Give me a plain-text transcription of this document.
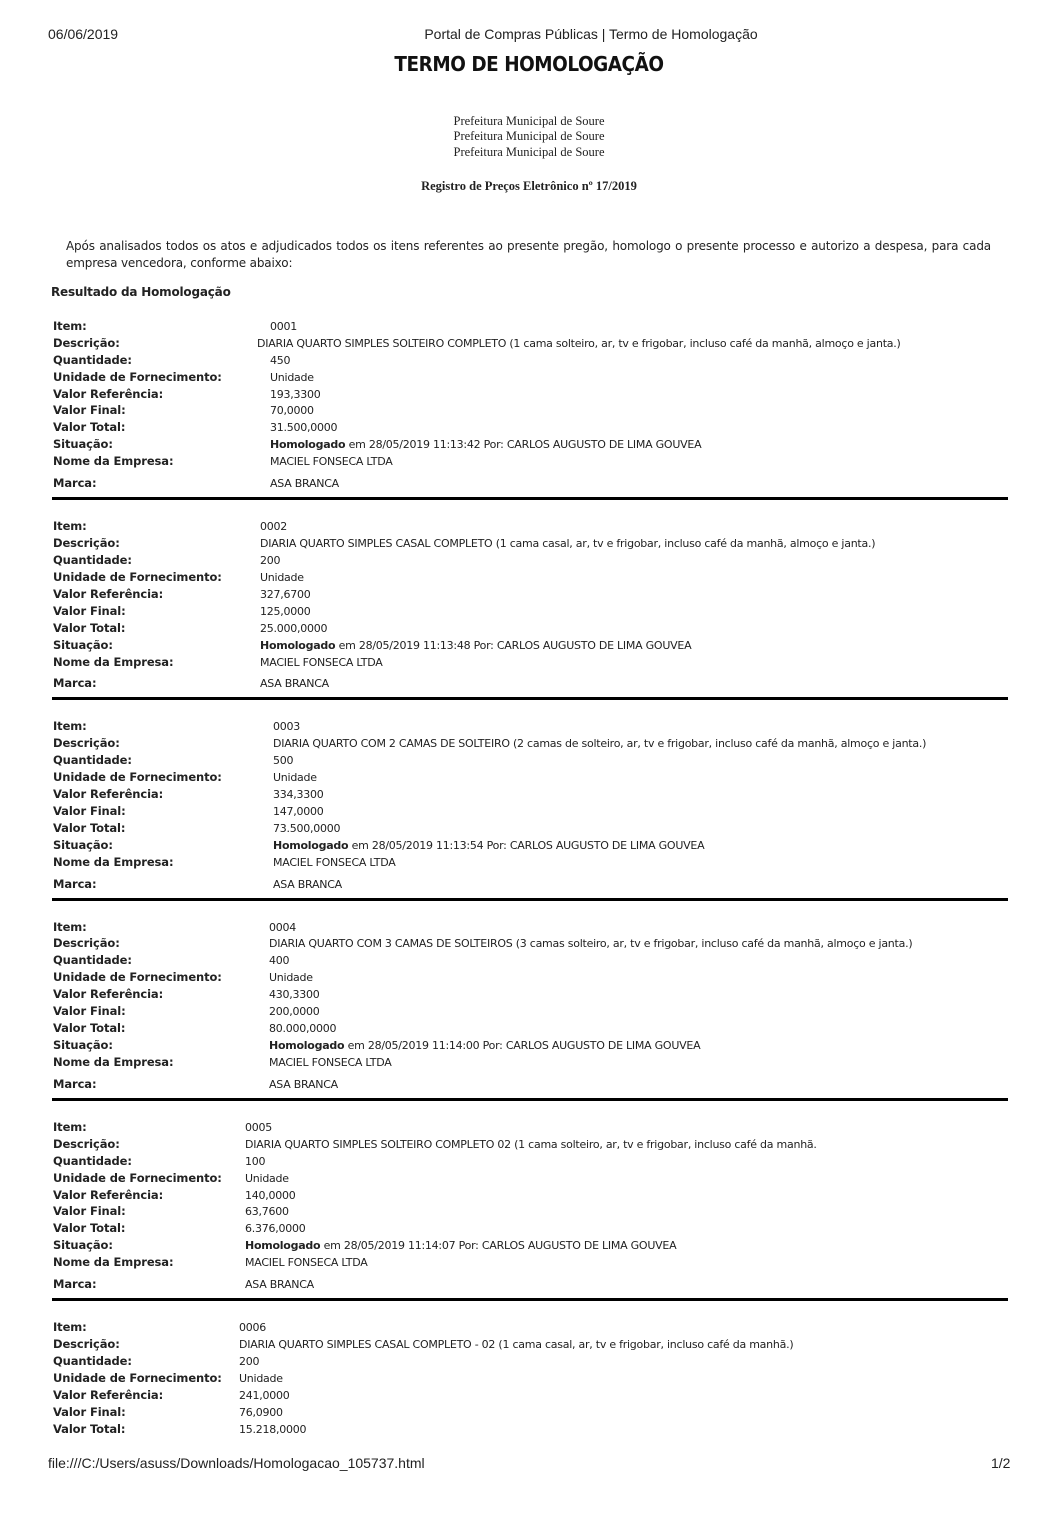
06/06/2019	Portal de Compras Públicas | Termo de Homologação
TERMO DE HOMOLOGAÇÃO
Prefeitura Municipal de Soure
Prefeitura Municipal de Soure
Prefeitura Municipal de Soure
Registro de Preços Eletrônico nº 17/2019
Após analisados todos os atos e adjudicados todos os itens referentes ao presente pregão, homologo o presente processo e autorizo a despesa, para cada empresa vencedora, conforme abaixo:
Resultado da Homologação
Item:	0001
Descrição:	DIARIA QUARTO SIMPLES SOLTEIRO COMPLETO (1 cama solteiro, ar, tv e frigobar, incluso café da manhã, almoço e janta.)
Quantidade:	450
Unidade de Fornecimento:	Unidade
Valor Referência:	193,3300
Valor Final:	70,0000
Valor Total:	31.500,0000
Situação:	Homologado em 28/05/2019 11:13:42 Por: CARLOS AUGUSTO DE LIMA GOUVEA
Nome da Empresa:	MACIEL FONSECA LTDA
Marca:	ASA BRANCA
Item:	0002
Descrição:	DIARIA QUARTO SIMPLES CASAL COMPLETO (1 cama casal, ar, tv e frigobar, incluso café da manhã, almoço e janta.)
Quantidade:	200
Unidade de Fornecimento:	Unidade
Valor Referência:	327,6700
Valor Final:	125,0000
Valor Total:	25.000,0000
Situação:	Homologado em 28/05/2019 11:13:48 Por: CARLOS AUGUSTO DE LIMA GOUVEA
Nome da Empresa:	MACIEL FONSECA LTDA
Marca:	ASA BRANCA
Item:	0003
Descrição:	DIARIA QUARTO COM 2 CAMAS DE SOLTEIRO (2 camas de solteiro, ar, tv e frigobar, incluso café da manhã, almoço e janta.)
Quantidade:	500
Unidade de Fornecimento:	Unidade
Valor Referência:	334,3300
Valor Final:	147,0000
Valor Total:	73.500,0000
Situação:	Homologado em 28/05/2019 11:13:54 Por: CARLOS AUGUSTO DE LIMA GOUVEA
Nome da Empresa:	MACIEL FONSECA LTDA
Marca:	ASA BRANCA
Item:	0004
Descrição:	DIARIA QUARTO COM 3 CAMAS DE SOLTEIROS (3 camas solteiro, ar, tv e frigobar, incluso café da manhã, almoço e janta.)
Quantidade:	400
Unidade de Fornecimento:	Unidade
Valor Referência:	430,3300
Valor Final:	200,0000
Valor Total:	80.000,0000
Situação:	Homologado em 28/05/2019 11:14:00 Por: CARLOS AUGUSTO DE LIMA GOUVEA
Nome da Empresa:	MACIEL FONSECA LTDA
Marca:	ASA BRANCA
Item:	0005
Descrição:	DIARIA QUARTO SIMPLES SOLTEIRO COMPLETO 02 (1 cama solteiro, ar, tv e frigobar, incluso café da manhã.
Quantidade:	100
Unidade de Fornecimento: Unidade
Valor Referência:	140,0000
Valor Final:	63,7600
Valor Total:	6.376,0000
Situação:	Homologado em 28/05/2019 11:14:07 Por: CARLOS AUGUSTO DE LIMA GOUVEA
Nome da Empresa:	MACIEL FONSECA LTDA
Marca:	ASA BRANCA
Item:	0006
Descrição:	DIARIA QUARTO SIMPLES CASAL COMPLETO - 02 (1 cama casal, ar, tv e frigobar, incluso café da manhã.)
Quantidade:	200
Unidade de Fornecimento: Unidade
Valor Referência:	241,0000
Valor Final:	76,0900
Valor Total:	15.218,0000
file:///C:/Users/asuss/Downloads/Homologacao_105737.html	1/2
